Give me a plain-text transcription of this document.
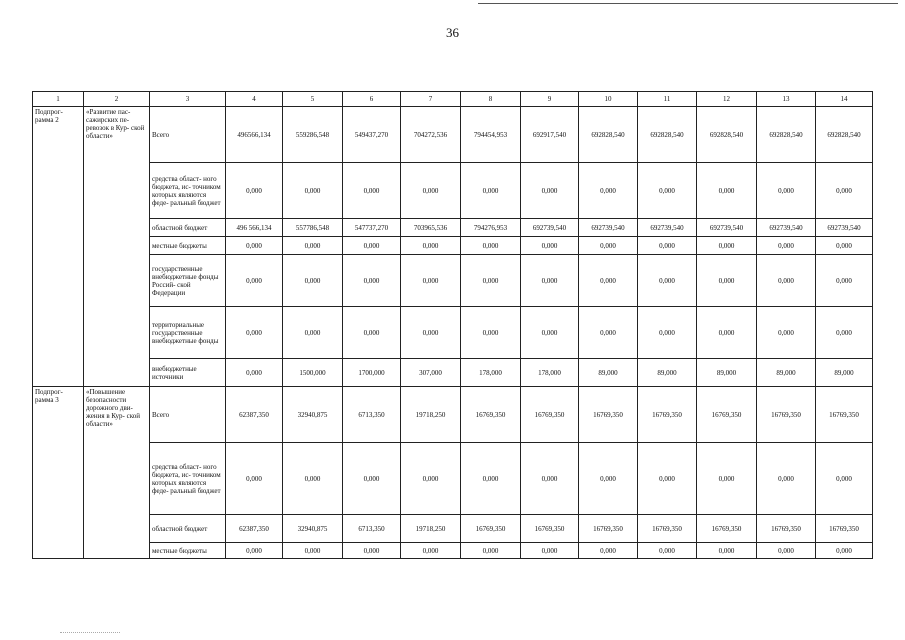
36
1	2	3	4	5	6	7	8	9	10	11	12	13	14
Подпрог- рамма 2	«Развитие пас- сажирских пе- ревозок в Кур- ской области»	Всего	496566,134	559286,548	549437,270	704272,536	794454,953	692917,540	692828,540	692828,540	692828,540	692828,540	692828,540
		средства област- ного бюджета, ис- точником которых являются феде- ральный бюджет	0,000	0,000	0,000	0,000	0,000	0,000	0,000	0,000	0,000	0,000	0,000
		областной бюджет	496 566,134	557786,548	547737,270	703965,536	794276,953	692739,540	692739,540	692739,540	692739,540	692739,540	692739,540
		местные бюджеты	0,000	0,000	0,000	0,000	0,000	0,000	0,000	0,000	0,000	0,000	0,000
		государственные внебюджетные фонды Россий- ской Федерации	0,000	0,000	0,000	0,000	0,000	0,000	0,000	0,000	0,000	0,000	0,000
		территориальные государственные внебюджетные фонды	0,000	0,000	0,000	0,000	0,000	0,000	0,000	0,000	0,000	0,000	0,000
		внебюджетные источники	0,000	1500,000	1700,000	307,000	178,000	178,000	89,000	89,000	89,000	89,000	89,000
Подпрог- рамма 3	«Повышение безопасности дорожного дви- жения в Кур- ской области»	Всего	62387,350	32940,875	6713,350	19718,250	16769,350	16769,350	16769,350	16769,350	16769,350	16769,350	16769,350
		средства област- ного бюджета, ис- точником которых являются феде- ральный бюджет	0,000	0,000	0,000	0,000	0,000	0,000	0,000	0,000	0,000	0,000	0,000
		областной бюджет	62387,350	32940,875	6713,350	19718,250	16769,350	16769,350	16769,350	16769,350	16769,350	16769,350	16769,350
		местные бюджеты	0,000	0,000	0,000	0,000	0,000	0,000	0,000	0,000	0,000	0,000	0,000
